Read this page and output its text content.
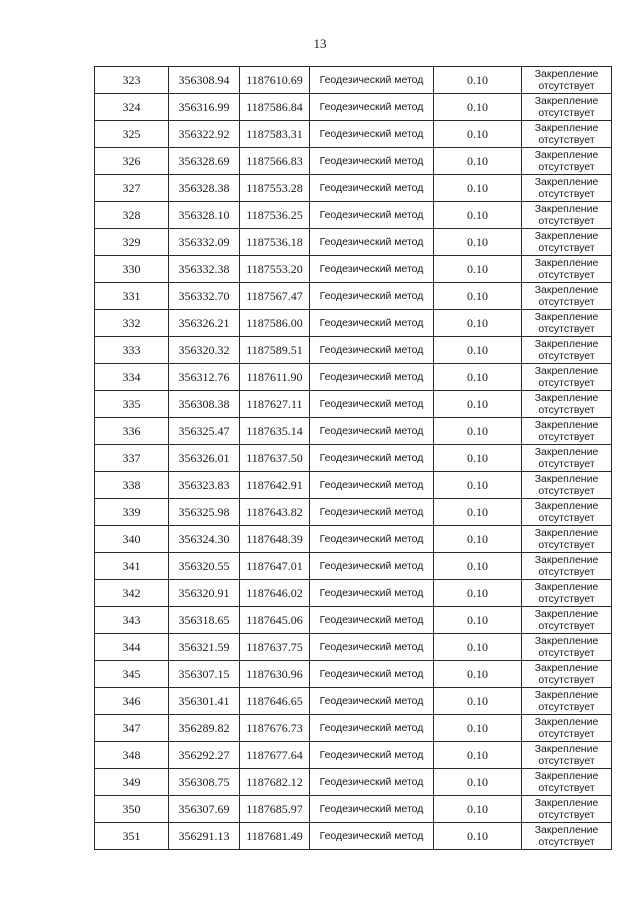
13
323	356308.94	1187610.69	Геодезический метод	0.10	Закрепление
отсутствует

324	356316.99	1187586.84	Геодезический метод	0.10	Закрепление
отсутствует

325	356322.92	1187583.31	Геодезический метод	0.10	Закрепление
отсутствует

326	356328.69	1187566.83	Геодезический метод	0.10	Закрепление
отсутствует

327	356328.38	1187553.28	Геодезический метод	0.10	Закрепление
отсутствует

328	356328.10	1187536.25	Геодезический метод	0.10	Закрепление
отсутствует

329	356332.09	1187536.18	Геодезический метод	0.10	Закрепление
отсутствует

330	356332.38	1187553.20	Геодезический метод	0.10	Закрепление
отсутствует

331	356332.70	1187567.47	Геодезический метод	0.10	Закрепление
отсутствует

332	356326.21	1187586.00	Геодезический метод	0.10	Закрепление
отсутствует

333	356320.32	1187589.51	Геодезический метод	0.10	Закрепление
отсутствует

334	356312.76	1187611.90	Геодезический метод	0.10	Закрепление
отсутствует

335	356308.38	1187627.11	Геодезический метод	0.10	Закрепление
отсутствует

336	356325.47	1187635.14	Геодезический метод	0.10	Закрепление
отсутствует

337	356326.01	1187637.50	Геодезический метод	0.10	Закрепление
отсутствует

338	356323.83	1187642.91	Геодезический метод	0.10	Закрепление
отсутствует

339	356325.98	1187643.82	Геодезический метод	0.10	Закрепление
отсутствует

340	356324.30	1187648.39	Геодезический метод	0.10	Закрепление
отсутствует

341	356320.55	1187647.01	Геодезический метод	0.10	Закрепление
отсутствует

342	356320.91	1187646.02	Геодезический метод	0.10	Закрепление
отсутствует

343	356318.65	1187645.06	Геодезический метод	0.10	Закрепление
отсутствует

344	356321.59	1187637.75	Геодезический метод	0.10	Закрепление
отсутствует

345	356307.15	1187630.96	Геодезический метод	0.10	Закрепление
отсутствует

346	356301.41	1187646.65	Геодезический метод	0.10	Закрепление
отсутствует

347	356289.82	1187676.73	Геодезический метод	0.10	Закрепление
отсутствует

348	356292.27	1187677.64	Геодезический метод	0.10	Закрепление
отсутствует

349	356308.75	1187682.12	Геодезический метод	0.10	Закрепление
отсутствует

350	356307.69	1187685.97	Геодезический метод	0.10	Закрепление
отсутствует

351	356291.13	1187681.49	Геодезический метод	0.10	Закрепление
отсутствует
